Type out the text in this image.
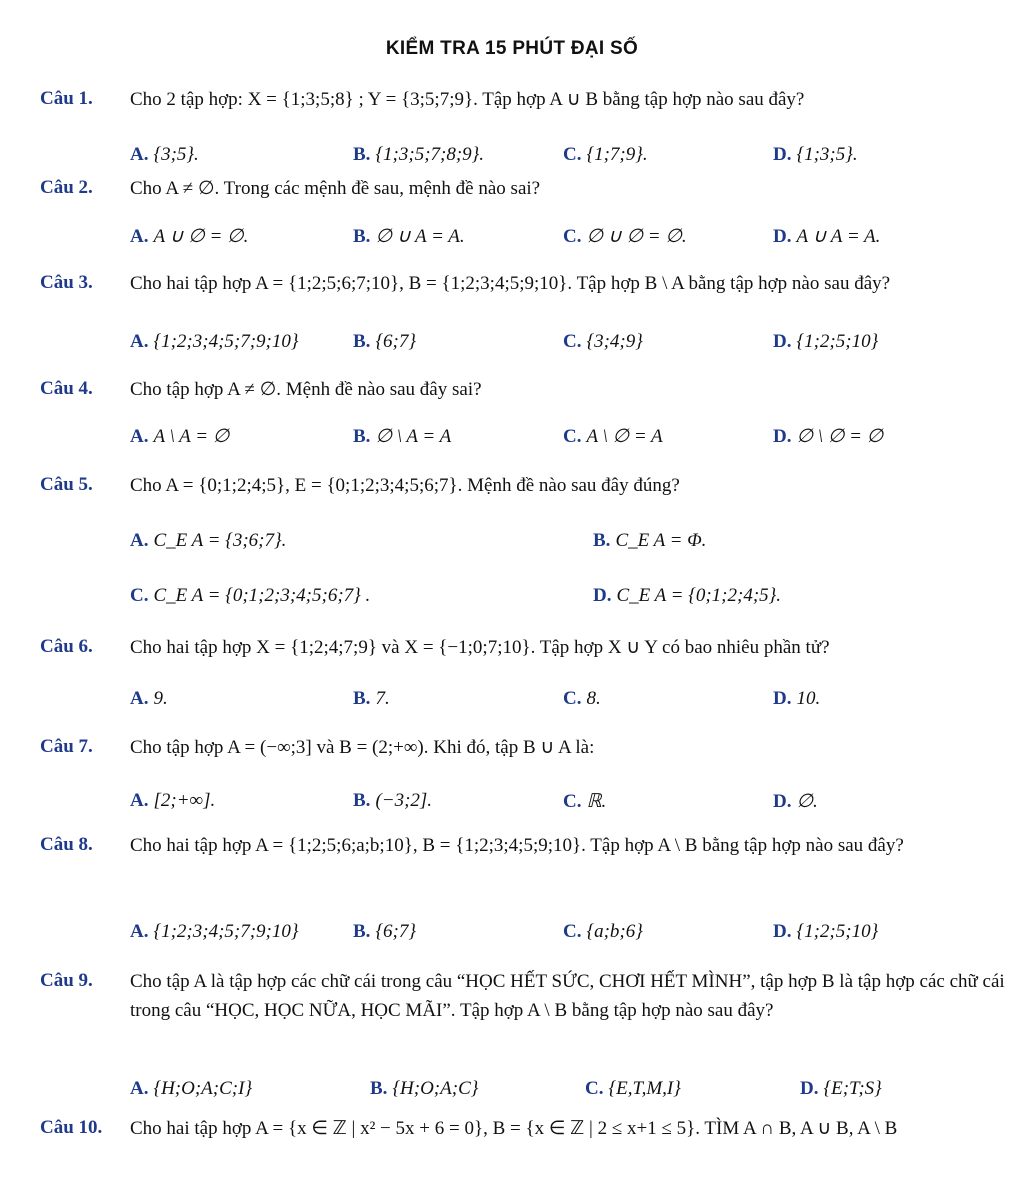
KIỂM TRA 15 PHÚT ĐẠI SỐ
Câu 1. Cho 2 tập hợp: X = {1;3;5;8} ; Y = {3;5;7;9}. Tập hợp A ∪ B bằng tập hợp nào sau đây?
A. {3;5}.	B. {1;3;5;7;8;9}.	C. {1;7;9}.	D. {1;3;5}.
Câu 2. Cho A ≠ ∅. Trong các mệnh đề sau, mệnh đề nào sai?
A. A ∪ ∅ = ∅.	B. ∅ ∪ A = A.	C. ∅ ∪ ∅ = ∅.	D. A ∪ A = A.
Câu 3. Cho hai tập hợp A = {1;2;5;6;7;10}, B = {1;2;3;4;5;9;10}. Tập hợp B \ A bằng tập hợp nào sau đây?
A. {1;2;3;4;5;7;9;10}	B. {6;7}	C. {3;4;9}	D. {1;2;5;10}
Câu 4. Cho tập hợp A ≠ ∅. Mệnh đề nào sau đây sai?
A. A \ A = ∅	B. ∅ \ A = A	C. A \ ∅ = A	D. ∅ \ ∅ = ∅
Câu 5. Cho A = {0;1;2;4;5}, E = {0;1;2;3;4;5;6;7}. Mệnh đề nào sau đây đúng?
A. C_E A = {3;6;7}.	B. C_E A = Φ.
C. C_E A = {0;1;2;3;4;5;6;7} .	D. C_E A = {0;1;2;4;5}.
Câu 6. Cho hai tập hợp X = {1;2;4;7;9} và X = {−1;0;7;10}. Tập hợp X ∪ Y có bao nhiêu phần tử?
A. 9.	B. 7.	C. 8.	D. 10.
Câu 7. Cho tập hợp A = (−∞;3] và B = (2;+∞). Khi đó, tập B ∪ A là:
A. [2;+∞].	B. (−3;2].	C. ℝ.	D. ∅.
Câu 8. Cho hai tập hợp A = {1;2;5;6;a;b;10}, B = {1;2;3;4;5;9;10}. Tập hợp A \ B bằng tập hợp nào sau đây?
A. {1;2;3;4;5;7;9;10}	B. {6;7}	C. {a;b;6}	D. {1;2;5;10}
Câu 9. Cho tập A là tập hợp các chữ cái trong câu “HỌC HẾT SỨC, CHƠI HẾT MÌNH”, tập hợp B là tập hợp các chữ cái trong câu “HỌC, HỌC NỮA, HỌC MÃI”. Tập hợp A \ B bằng tập hợp nào sau đây?
A. {H;O;A;C;I}	B. {H;O;A;C}	C. {E,T,M,I}	D. {E;T;S}
Câu 10. Cho hai tập hợp A = {x ∈ ℤ | x² − 5x + 6 = 0}, B = {x ∈ ℤ | 2 ≤ x+1 ≤ 5}. TÌM A ∩ B, A ∪ B, A \ B
